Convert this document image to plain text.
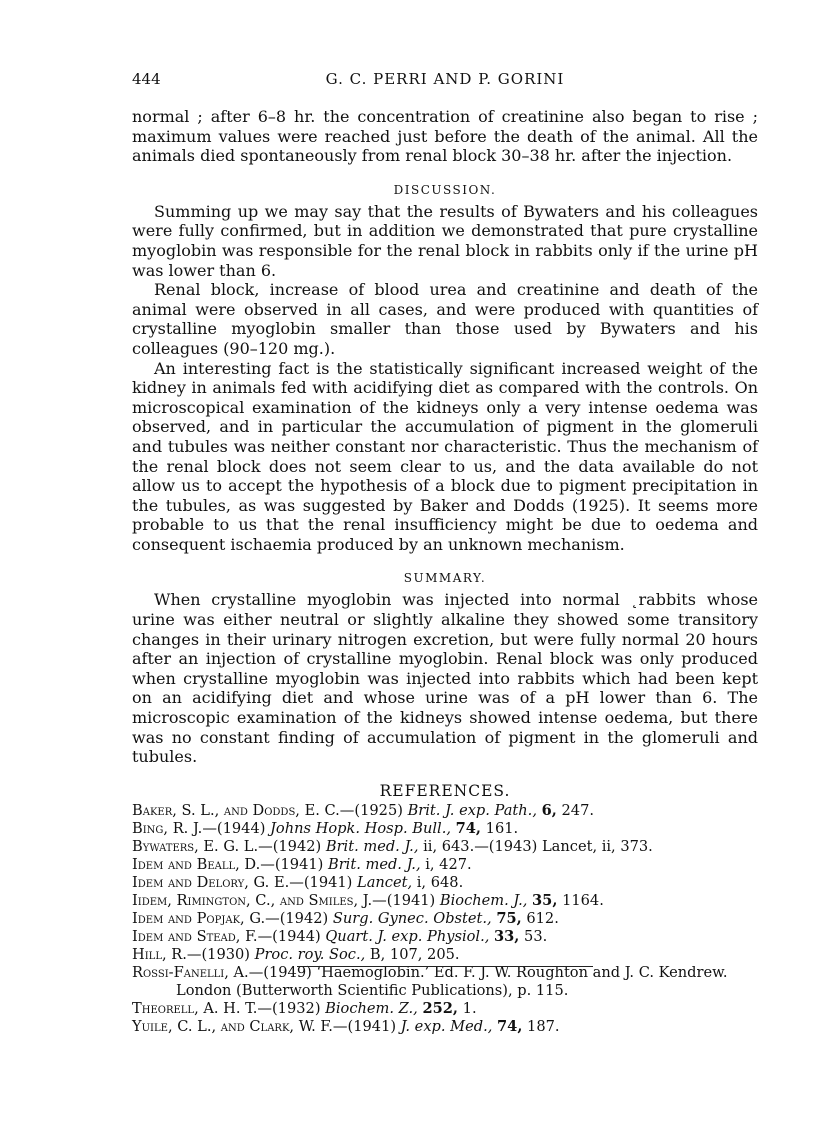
444	G. C. PERRI AND P. GORINI

normal ; after 6–8 hr. the concentration of creatinine also began to rise ; maximum values were reached just before the death of the animal. All the animals died spontaneously from renal block 30–38 hr. after the injection.

DISCUSSION.

Summing up we may say that the results of Bywaters and his colleagues were fully confirmed, but in addition we demonstrated that pure crystalline myoglobin was responsible for the renal block in rabbits only if the urine pH was lower than 6.

Renal block, increase of blood urea and creatinine and death of the animal were observed in all cases, and were produced with quantities of crystalline myoglobin smaller than those used by Bywaters and his colleagues (90–120 mg.).

An interesting fact is the statistically significant increased weight of the kidney in animals fed with acidifying diet as compared with the controls. On microscopical examination of the kidneys only a very intense oedema was observed, and in particular the accumulation of pigment in the glomeruli and tubules was neither constant nor characteristic. Thus the mechanism of the renal block does not seem clear to us, and the data available do not allow us to accept the hypothesis of a block due to pigment precipitation in the tubules, as was suggested by Baker and Dodds (1925). It seems more probable to us that the renal insufficiency might be due to oedema and consequent ischaemia produced by an unknown mechanism.

SUMMARY.

When crystalline myoglobin was injected into normal ˛rabbits whose urine was either neutral or slightly alkaline they showed some transitory changes in their urinary nitrogen excretion, but were fully normal 20 hours after an injection of crystalline myoglobin. Renal block was only produced when crystalline myoglobin was injected into rabbits which had been kept on an acidifying diet and whose urine was of a pH lower than 6. The microscopic examination of the kidneys showed intense oedema, but there was no constant finding of accumulation of pigment in the glomeruli and tubules.

REFERENCES.
Baker, S. L., and Dodds, E. C.—(1925) Brit. J. exp. Path., 6, 247.
Bing, R. J.—(1944) Johns Hopk. Hosp. Bull., 74, 161.
Bywaters, E. G. L.—(1942) Brit. med. J., ii, 643.—(1943) Lancet, ii, 373.
Idem and Beall, D.—(1941) Brit. med. J., i, 427.
Idem and Delory, G. E.—(1941) Lancet, i, 648.
Iidem, Rimington, C., and Smiles, J.—(1941) Biochem. J., 35, 1164.
Idem and Popjak, G.—(1942) Surg. Gynec. Obstet., 75, 612.
Idem and Stead, F.—(1944) Quart. J. exp. Physiol., 33, 53.
Hill, R.—(1930) Proc. roy. Soc., B, 107, 205.
Rossi-Fanelli, A.—(1949) ‘Haemoglobin.’ Ed. F. J. W. Roughton and J. C. Kendrew. London (Butterworth Scientific Publications), p. 115.
Theorell, A. H. T.—(1932) Biochem. Z., 252, 1.
Yuile, C. L., and Clark, W. F.—(1941) J. exp. Med., 74, 187.
